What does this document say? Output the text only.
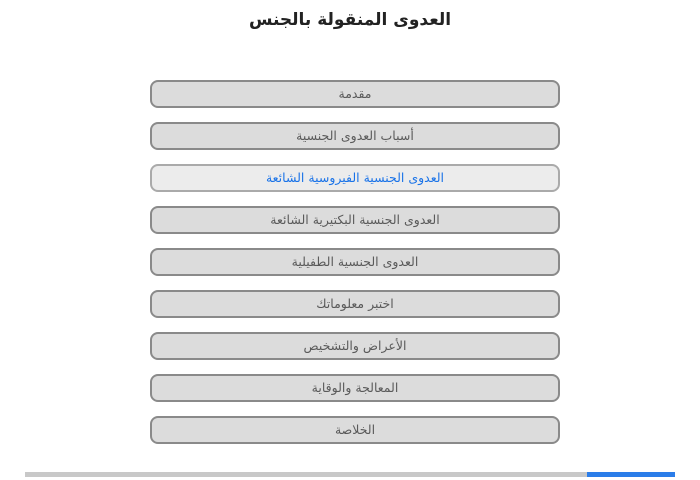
العدوى المنقولة بالجنس
مقدمة
أسباب العدوى الجنسية
العدوى الجنسية الفيروسية الشائعة
العدوى الجنسية البكتيرية الشائعة
العدوى الجنسية الطفيلية
اختبر معلوماتك
الأعراض والتشخيص
المعالجة والوقاية
الخلاصة
